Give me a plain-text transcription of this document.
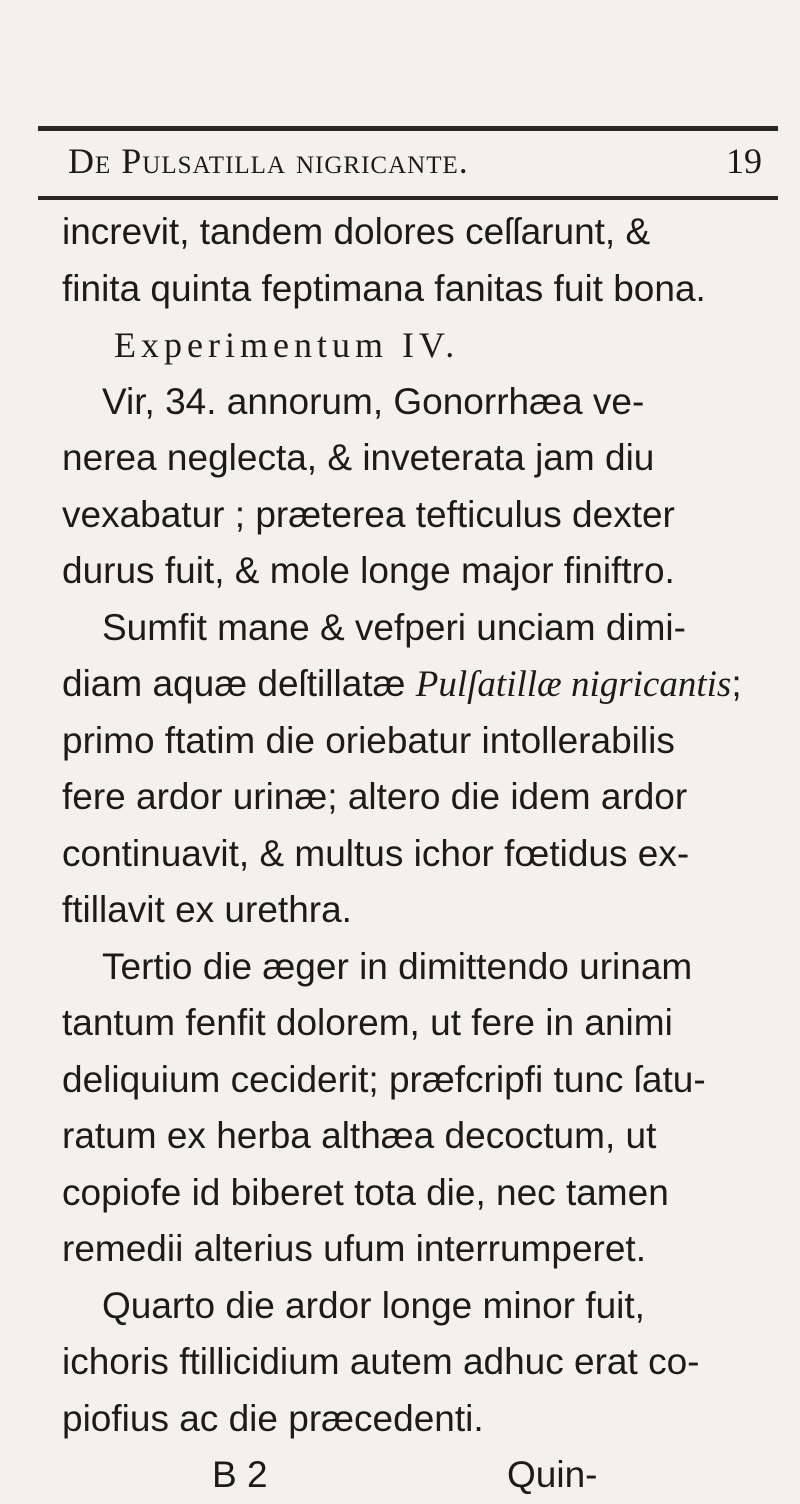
De Pulsatilla nigricante.	19
increvit, tandem dolores ceſſarunt, &
finita quinta feptimana fanitas fuit bona.
Experimentum IV.
Vir, 34. annorum, Gonorrhæa ve-
nerea neglecta, & inveterata jam diu
vexabatur ; præterea tefticulus dexter
durus fuit, & mole longe major finiftro.
Sumfit mane & vefperi unciam dimi-
diam aquæ deſtillatæ Pulſatillæ nigricantis;
primo ftatim die oriebatur intollerabilis
fere ardor urinæ; altero die idem ardor
continuavit, & multus ichor fœtidus ex-
ftillavit ex urethra.
Tertio die æger in dimittendo urinam
tantum fenfit dolorem, ut fere in animi
deliquium ceciderit; præfcripfi tunc ſatu-
ratum ex herba althæa decoctum, ut
copiofe id biberet tota die, nec tamen
remedii alterius ufum interrumperet.
Quarto die ardor longe minor fuit,
ichoris ftillicidium autem adhuc erat co-
piofius ac die præcedenti.
B 2	Quin-
